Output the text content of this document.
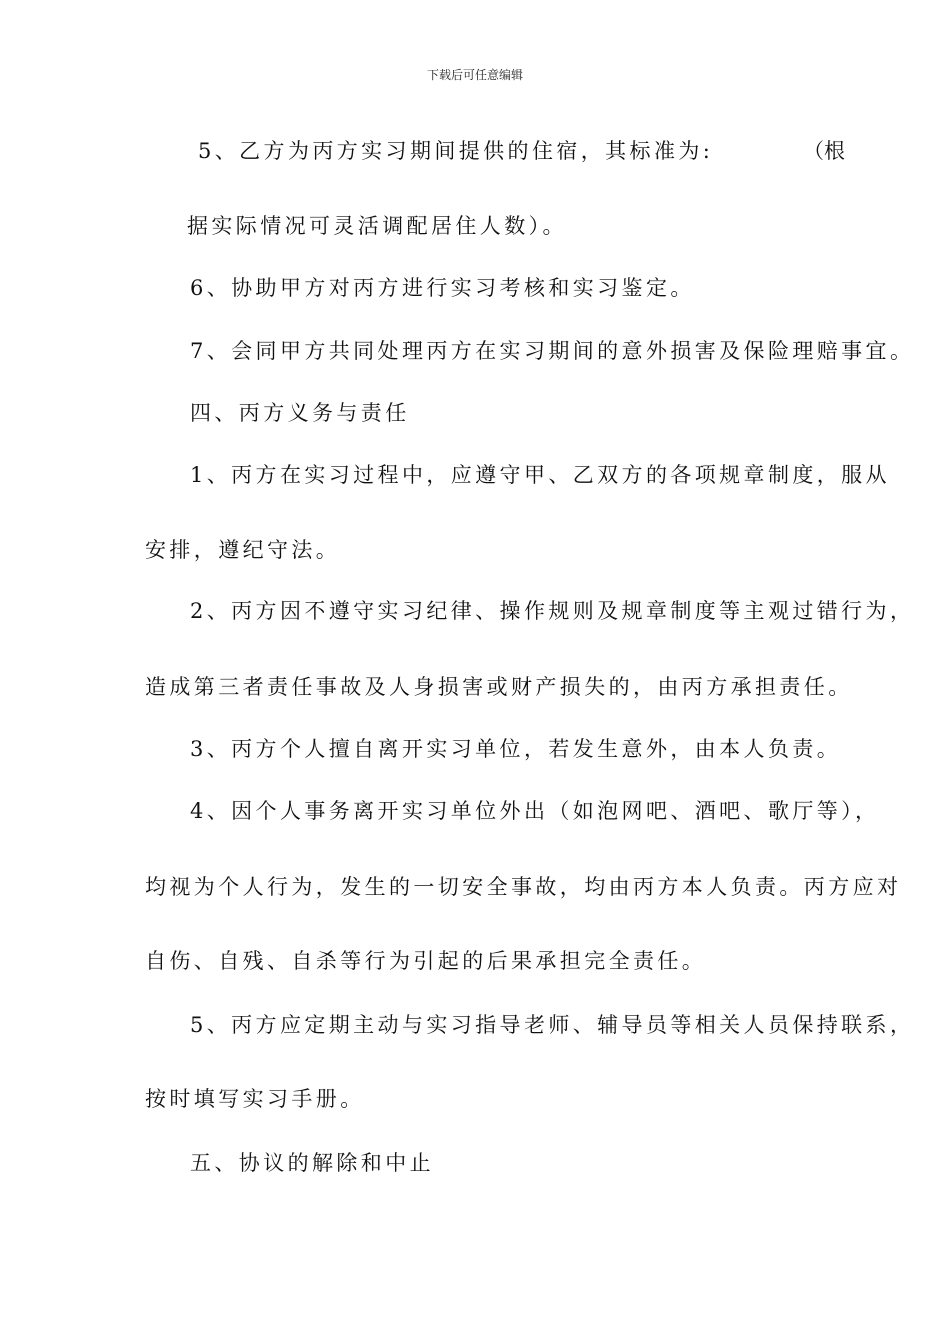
下载后可任意编辑
5、乙方为丙方实习期间提供的住宿，其标准为:	（根
据实际情况可灵活调配居住人数）。
6、协助甲方对丙方进行实习考核和实习鉴定。
7、会同甲方共同处理丙方在实习期间的意外损害及保险理赔事宜。
四、丙方义务与责任
1、丙方在实习过程中，应遵守甲、乙双方的各项规章制度，服从
安排，遵纪守法。
2、丙方因不遵守实习纪律、操作规则及规章制度等主观过错行为，
造成第三者责任事故及人身损害或财产损失的，由丙方承担责任。
3、丙方个人擅自离开实习单位，若发生意外，由本人负责。
4、因个人事务离开实习单位外出（如泡网吧、酒吧、歌厅等），
均视为个人行为，发生的一切安全事故，均由丙方本人负责。丙方应对
自伤、自残、自杀等行为引起的后果承担完全责任。
5、丙方应定期主动与实习指导老师、辅导员等相关人员保持联系，
按时填写实习手册。
五、协议的解除和中止
